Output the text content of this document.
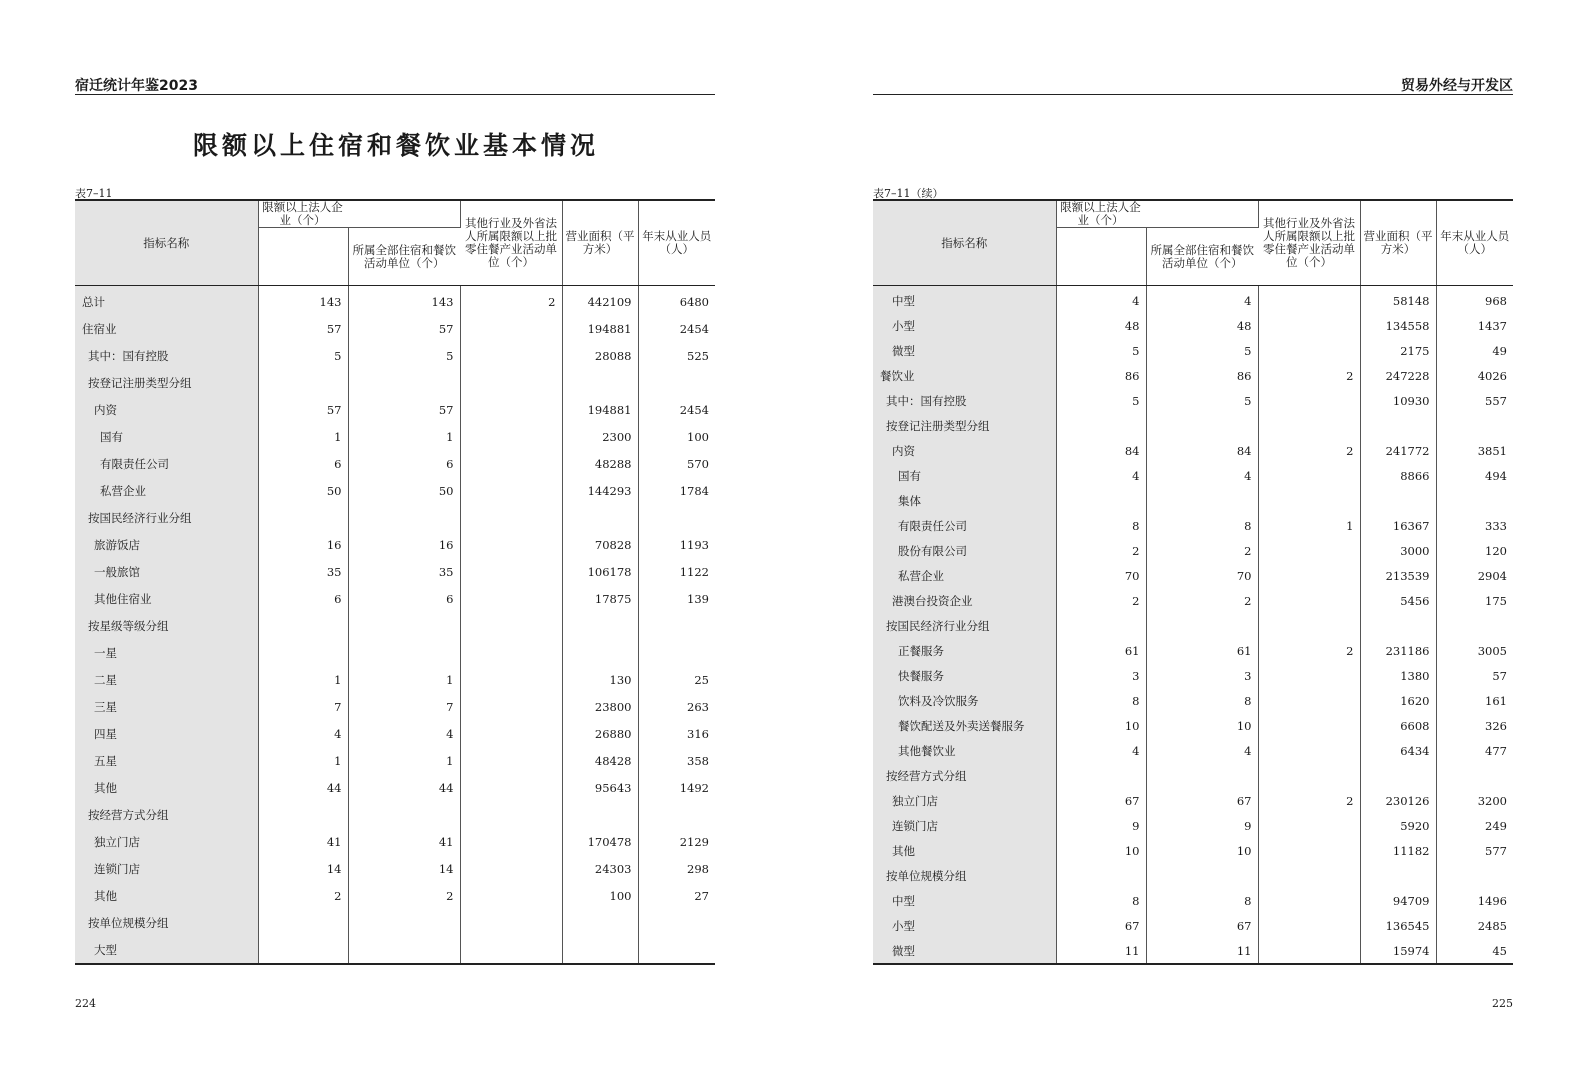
宿迁统计年鉴2023
限额以上住宿和餐饮业基本情况
表7–11
指标名称	限额以上法人企业（个）		其他行业及外省法人所属限额以上批零住餐产业活动单位（个）	营业面积（平方米）	年末从业人员（人）
		所属全部住宿和餐饮活动单位（个）			
总计	143	143	2	442109	6480
住宿业	57	57		194881	2454
其中：国有控股	5	5		28088	525
按登记注册类型分组					
内资	57	57		194881	2454
国有	1	1		2300	100
有限责任公司	6	6		48288	570
私营企业	50	50		144293	1784
按国民经济行业分组					
旅游饭店	16	16		70828	1193
一般旅馆	35	35		106178	1122
其他住宿业	6	6		17875	139
按星级等级分组					
一星					
二星	1	1		130	25
三星	7	7		23800	263
四星	4	4		26880	316
五星	1	1		48428	358
其他	44	44		95643	1492
按经营方式分组					
独立门店	41	41		170478	2129
连锁门店	14	14		24303	298
其他	2	2		100	27
按单位规模分组					
大型					

224
贸易外经与开发区
表7–11（续）
指标名称	限额以上法人企业（个）		其他行业及外省法人所属限额以上批零住餐产业活动单位（个）	营业面积（平方米）	年末从业人员（人）
		所属全部住宿和餐饮活动单位（个）			
中型	4	4		58148	968
小型	48	48		134558	1437
微型	5	5		2175	49
餐饮业	86	86	2	247228	4026
其中：国有控股	5	5		10930	557
按登记注册类型分组					
内资	84	84	2	241772	3851
国有	4	4		8866	494
集体					
有限责任公司	8	8	1	16367	333
股份有限公司	2	2		3000	120
私营企业	70	70		213539	2904
港澳台投资企业	2	2		5456	175
按国民经济行业分组					
正餐服务	61	61	2	231186	3005
快餐服务	3	3		1380	57
饮料及冷饮服务	8	8		1620	161
餐饮配送及外卖送餐服务	10	10		6608	326
其他餐饮业	4	4		6434	477
按经营方式分组					
独立门店	67	67	2	230126	3200
连锁门店	9	9		5920	249
其他	10	10		11182	577
按单位规模分组					
中型	8	8		94709	1496
小型	67	67		136545	2485
微型	11	11		15974	45

225
